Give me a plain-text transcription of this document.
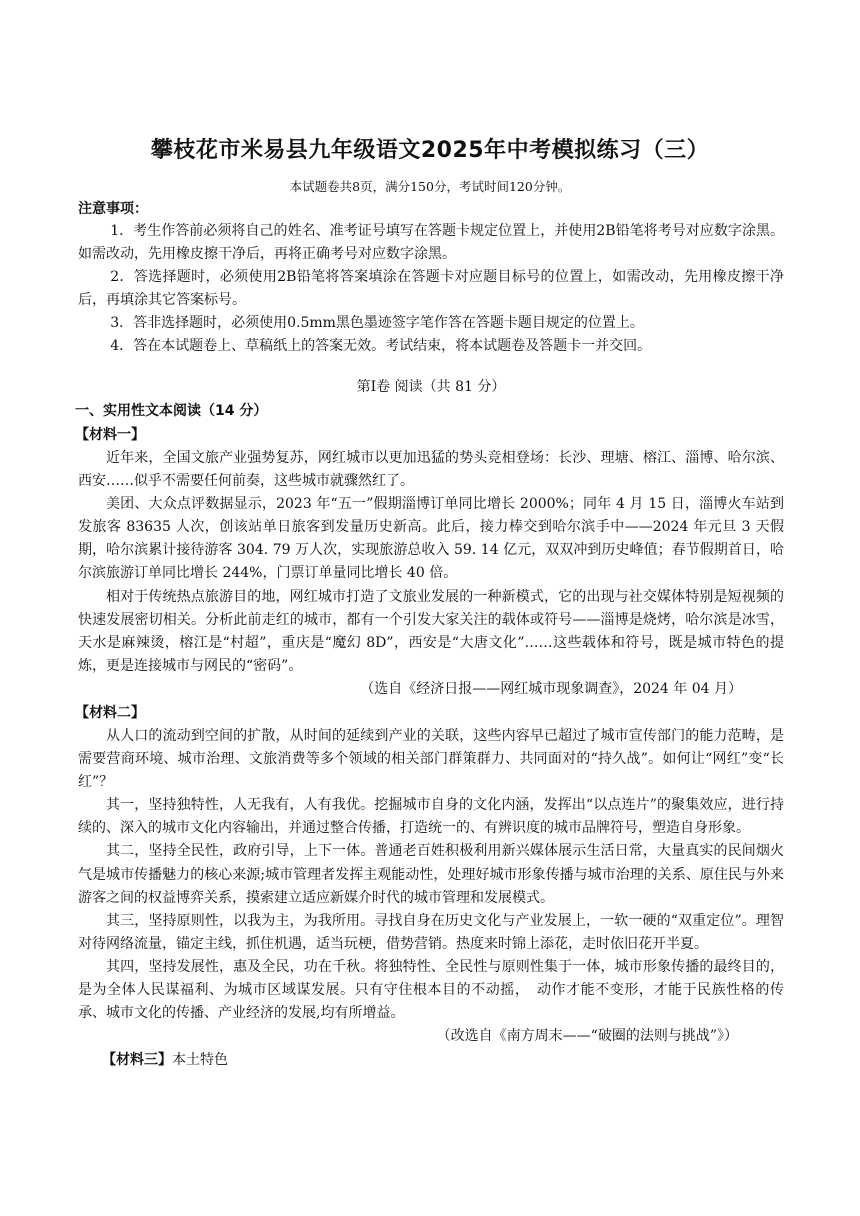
攀枝花市米易县九年级语文2025年中考模拟练习（三）
本试题卷共8页，满分150分，考试时间120分钟。
注意事项：

1．考生作答前必须将自己的姓名、准考证号填写在答题卡规定位置上，并使用2B铅笔将考号对应数字涂黑。如需改动，先用橡皮擦干净后，再将正确考号对应数字涂黑。

2．答选择题时，必须使用2B铅笔将答案填涂在答题卡对应题目标号的位置上，如需改动，先用橡皮擦干净后，再填涂其它答案标号。

3．答非选择题时，必须使用0.5mm黑色墨迹签字笔作答在答题卡题目规定的位置上。

4．答在本试题卷上、草稿纸上的答案无效。考试结束，将本试题卷及答题卡一并交回。

第Ⅰ卷 阅读（共 81 分）
一、实用性文本阅读（14 分）
【材料一】

近年来，全国文旅产业强势复苏，网红城市以更加迅猛的势头竞相登场：长沙、理塘、榕江、淄博、哈尔滨、西安……似乎不需要任何前奏，这些城市就骤然红了。

美团、大众点评数据显示，2023 年“五一”假期淄博订单同比增长 2000%；同年 4 月 15 日，淄博火车站到发旅客 83635 人次，创该站单日旅客到发量历史新高。此后，接力棒交到哈尔滨手中——2024 年元旦 3 天假期，哈尔滨累计接待游客 304. 79 万人次，实现旅游总收入 59. 14 亿元，双双冲到历史峰值；春节假期首日，哈尔滨旅游订单同比增长 244%，门票订单量同比增长 40 倍。

相对于传统热点旅游目的地，网红城市打造了文旅业发展的一种新模式，它的出现与社交媒体特别是短视频的快速发展密切相关。分析此前走红的城市，都有一个引发大家关注的载体或符号——淄博是烧烤，哈尔滨是冰雪，天水是麻辣烫，榕江是“村超”，重庆是“魔幻 8D”，西安是“大唐文化”……这些载体和符号，既是城市特色的提炼，更是连接城市与网民的“密码”。

（选自《经济日报——网红城市现象调查》，2024 年 04 月）
【材料二】

从人口的流动到空间的扩散，从时间的延续到产业的关联，这些内容早已超过了城市宣传部门的能力范畴，是需要营商环境、城市治理、文旅消费等多个领域的相关部门群策群力、共同面对的“持久战”。如何让“网红”变“长红”？

其一，坚持独特性，人无我有，人有我优。挖掘城市自身的文化内涵，发挥出“以点连片”的聚集效应，进行持续的、深入的城市文化内容输出，并通过整合传播，打造统一的、有辨识度的城市品牌符号，塑造自身形象。

其二，坚持全民性，政府引导，上下一体。普通老百姓积极利用新兴媒体展示生活日常，大量真实的民间烟火气是城市传播魅力的核心来源;城市管理者发挥主观能动性，处理好城市形象传播与城市治理的关系、原住民与外来游客之间的权益博弈关系，摸索建立适应新媒介时代的城市管理和发展模式。

其三，坚持原则性，以我为主，为我所用。寻找自身在历史文化与产业发展上，一软一硬的“双重定位”。理智对待网络流量，锚定主线，抓住机遇，适当玩梗，借势营销。热度来时锦上添花，走时依旧花开半夏。

其四，坚持发展性，惠及全民，功在千秋。将独特性、全民性与原则性集于一体，城市形象传播的最终目的，是为全体人民谋福利、为城市区域谋发展。只有守住根本目的不动摇，　动作才能不变形，才能于民族性格的传承、城市文化的传播、产业经济的发展,均有所增益。

（改选自《南方周末——“破圈的法则与挑战”》）
【材料三】本土特色
